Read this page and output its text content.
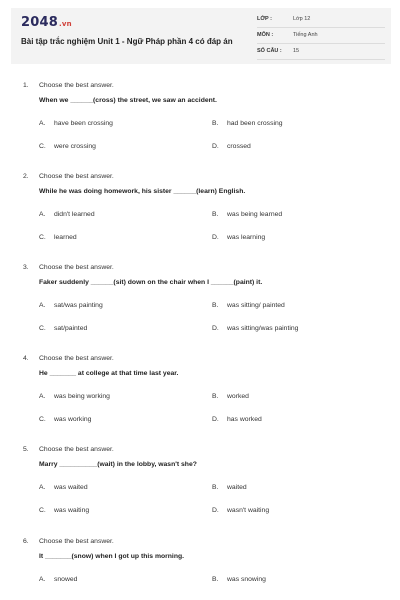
2048.vn
Bài tập trắc nghiệm Unit 1 - Ngữ Pháp phần 4 có đáp án
LỚP :	Lớp 12
MÔN :	Tiếng Anh
SỐ CÂU : 15
1. Choose the best answer.
When we ______(cross) the street, we saw an accident.
A. have been crossing	B. had been crossing
C. were crossing	D. crossed
2. Choose the best answer.
While he was doing homework, his sister ______(learn) English.
A. didn't learned	B. was being learned
C. learned	D. was learning
3. Choose the best answer.
Faker suddenly ______(sit) down on the chair when I ______(paint) it.
A. sat/was painting	B. was sitting/ painted
C. sat/painted	D. was sitting/was painting
4. Choose the best answer.
He _______ at college at that time last year.
A. was being working	B. worked
C. was working	D. has worked
5. Choose the best answer.
Marry __________(wait) in the lobby, wasn't she?
A. was waited	B. waited
C. was waiting	D. wasn't waiting
6. Choose the best answer.
It _______(snow) when I got up this morning.
A. snowed	B. was snowing
